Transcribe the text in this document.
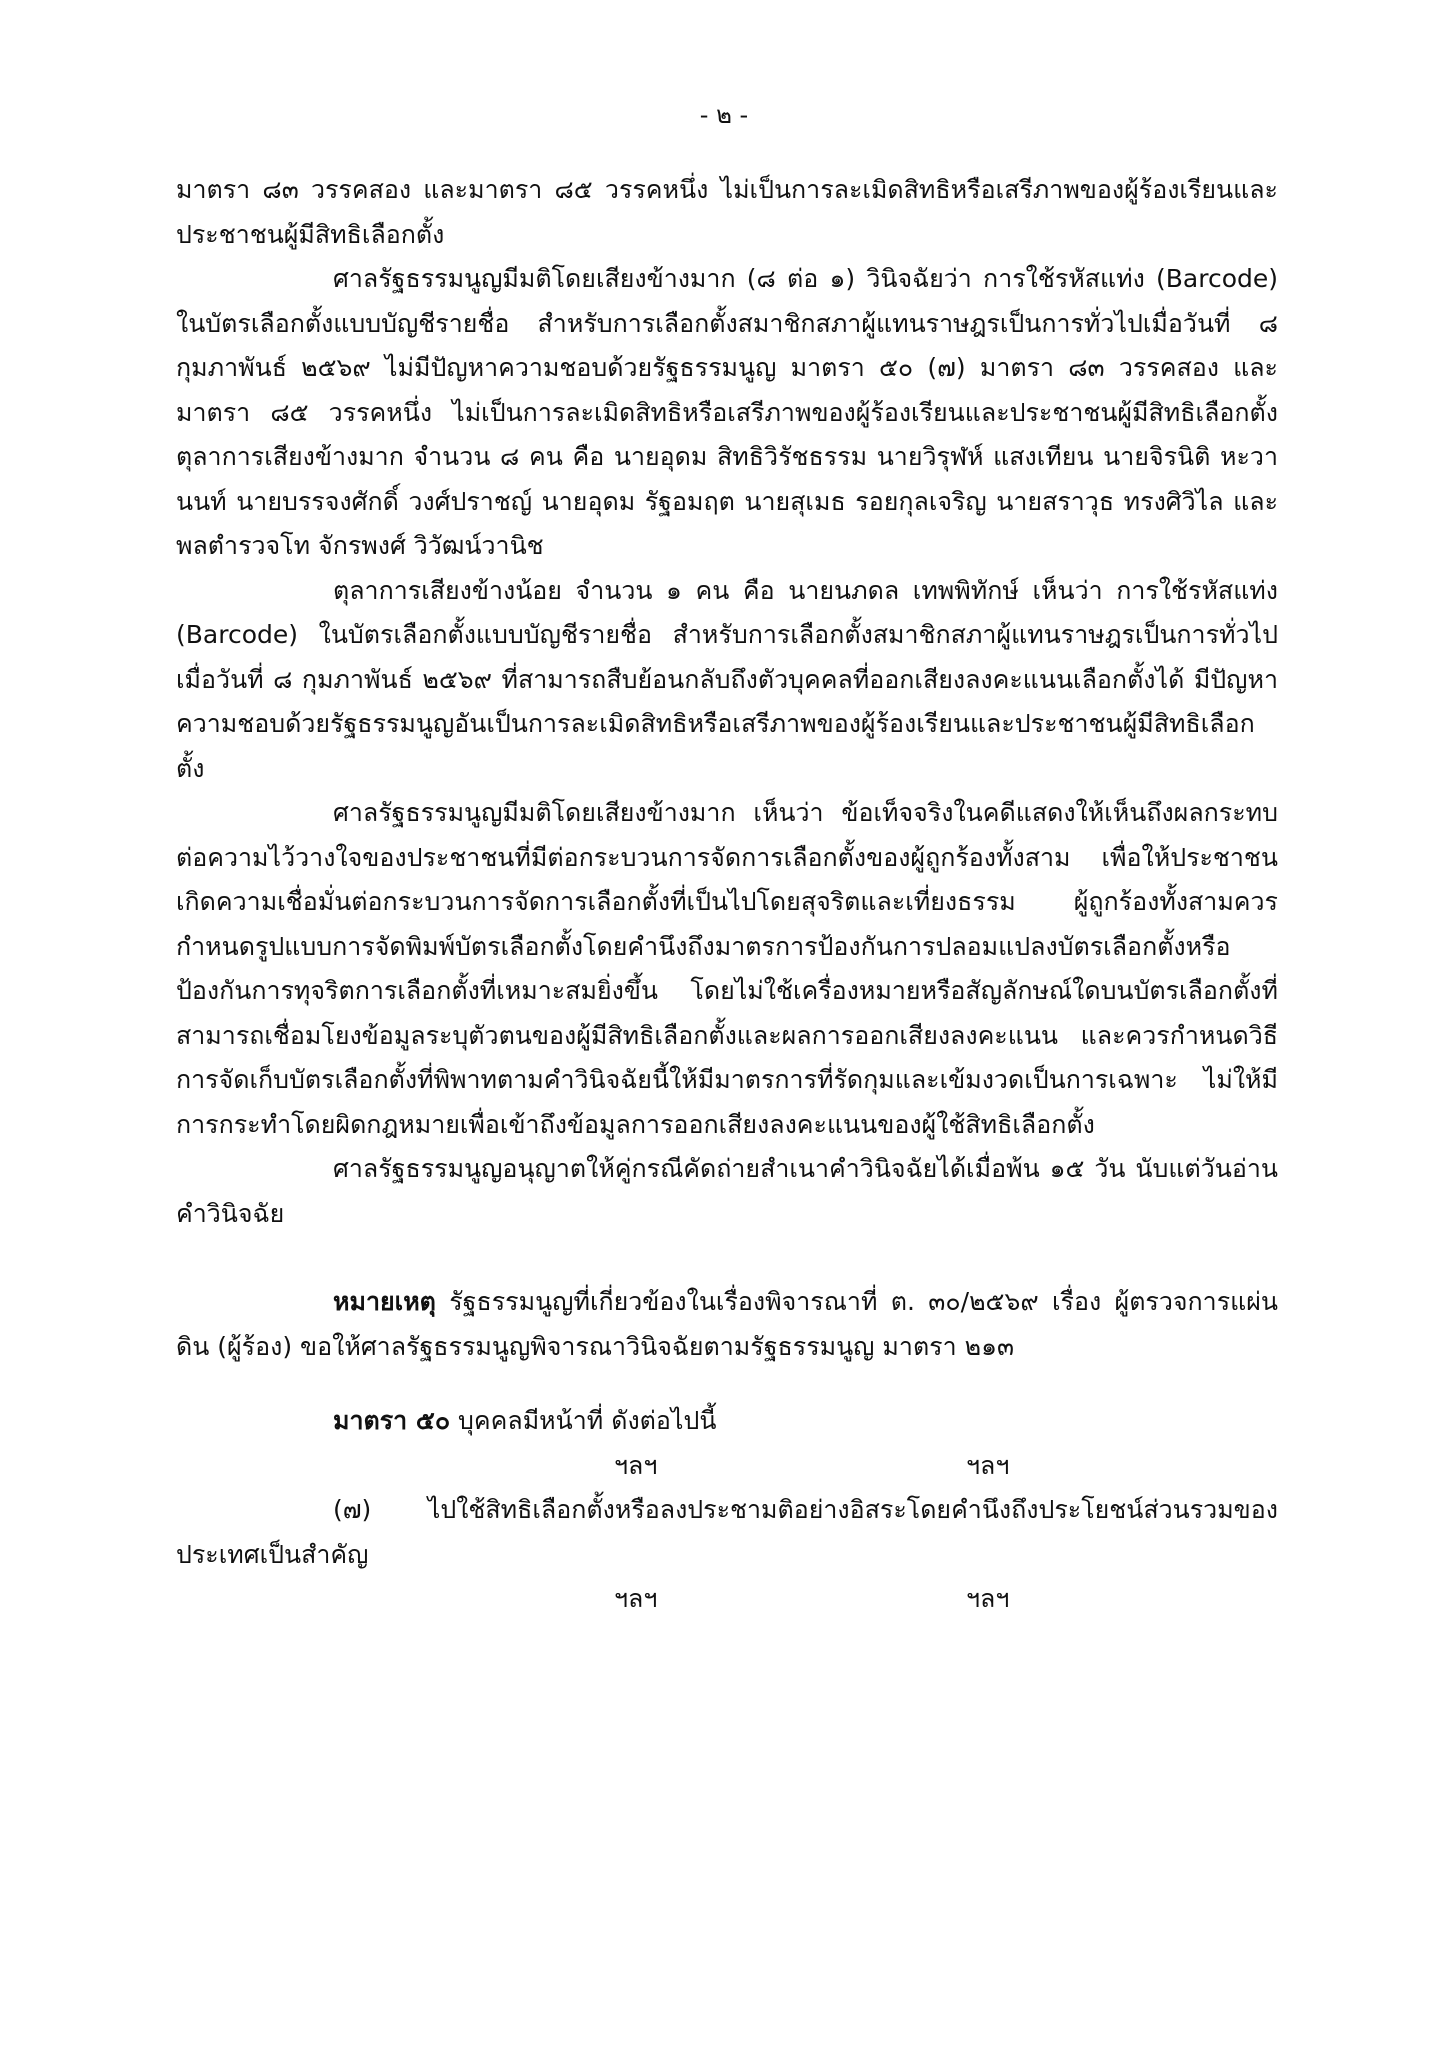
- ๒ -

มาตรา ๘๓ วรรคสอง และมาตรา ๘๕ วรรคหนึ่ง ไม่เป็นการละเมิดสิทธิหรือเสรีภาพของผู้ร้องเรียนและประชาชนผู้มีสิทธิเลือกตั้ง

ศาลรัฐธรรมนูญมีมติโดยเสียงข้างมาก (๘ ต่อ ๑) วินิจฉัยว่า การใช้รหัสแท่ง (Barcode) ในบัตรเลือกตั้งแบบบัญชีรายชื่อ สำหรับการเลือกตั้งสมาชิกสภาผู้แทนราษฎรเป็นการทั่วไปเมื่อวันที่ ๘ กุมภาพันธ์ ๒๕๖๙ ไม่มีปัญหาความชอบด้วยรัฐธรรมนูญ มาตรา ๕๐ (๗) มาตรา ๘๓ วรรคสอง และมาตรา ๘๕ วรรคหนึ่ง ไม่เป็นการละเมิดสิทธิหรือเสรีภาพของผู้ร้องเรียนและประชาชนผู้มีสิทธิเลือกตั้ง ตุลาการเสียงข้างมาก จำนวน ๘ คน คือ นายอุดม สิทธิวิรัชธรรม นายวิรุฬห์ แสงเทียน นายจิรนิติ หะวานนท์ นายบรรจงศักดิ์ วงศ์ปราชญ์ นายอุดม รัฐอมฤต นายสุเมธ รอยกุลเจริญ นายสราวุธ ทรงศิวิไล และพลตำรวจโท จักรพงศ์ วิวัฒน์วานิช

ตุลาการเสียงข้างน้อย จำนวน ๑ คน คือ นายนภดล เทพพิทักษ์ เห็นว่า การใช้รหัสแท่ง (Barcode) ในบัตรเลือกตั้งแบบบัญชีรายชื่อ สำหรับการเลือกตั้งสมาชิกสภาผู้แทนราษฎรเป็นการทั่วไปเมื่อวันที่ ๘ กุมภาพันธ์ ๒๕๖๙ ที่สามารถสืบย้อนกลับถึงตัวบุคคลที่ออกเสียงลงคะแนนเลือกตั้งได้ มีปัญหาความชอบด้วยรัฐธรรมนูญอันเป็นการละเมิดสิทธิหรือเสรีภาพของผู้ร้องเรียนและประชาชนผู้มีสิทธิเลือกตั้ง

ศาลรัฐธรรมนูญมีมติโดยเสียงข้างมาก เห็นว่า ข้อเท็จจริงในคดีแสดงให้เห็นถึงผลกระทบต่อความไว้วางใจของประชาชนที่มีต่อกระบวนการจัดการเลือกตั้งของผู้ถูกร้องทั้งสาม เพื่อให้ประชาชนเกิดความเชื่อมั่นต่อกระบวนการจัดการเลือกตั้งที่เป็นไปโดยสุจริตและเที่ยงธรรม ผู้ถูกร้องทั้งสามควรกำหนดรูปแบบการจัดพิมพ์บัตรเลือกตั้งโดยคำนึงถึงมาตรการป้องกันการปลอมแปลงบัตรเลือกตั้งหรือป้องกันการทุจริตการเลือกตั้งที่เหมาะสมยิ่งขึ้น โดยไม่ใช้เครื่องหมายหรือสัญลักษณ์ใดบนบัตรเลือกตั้งที่สามารถเชื่อมโยงข้อมูลระบุตัวตนของผู้มีสิทธิเลือกตั้งและผลการออกเสียงลงคะแนน และควรกำหนดวิธีการจัดเก็บบัตรเลือกตั้งที่พิพาทตามคำวินิจฉัยนี้ให้มีมาตรการที่รัดกุมและเข้มงวดเป็นการเฉพาะ ไม่ให้มีการกระทำโดยผิดกฎหมายเพื่อเข้าถึงข้อมูลการออกเสียงลงคะแนนของผู้ใช้สิทธิเลือกตั้ง

ศาลรัฐธรรมนูญอนุญาตให้คู่กรณีคัดถ่ายสำเนาคำวินิจฉัยได้เมื่อพ้น ๑๕ วัน นับแต่วันอ่านคำวินิจฉัย

หมายเหตุ รัฐธรรมนูญที่เกี่ยวข้องในเรื่องพิจารณาที่ ต. ๓๐/๒๕๖๙ เรื่อง ผู้ตรวจการแผ่นดิน (ผู้ร้อง) ขอให้ศาลรัฐธรรมนูญพิจารณาวินิจฉัยตามรัฐธรรมนูญ มาตรา ๒๑๓

มาตรา ๕๐ บุคคลมีหน้าที่ ดังต่อไปนี้

ฯลฯ	ฯลฯ

(๗) ไปใช้สิทธิเลือกตั้งหรือลงประชามติอย่างอิสระโดยคำนึงถึงประโยชน์ส่วนรวมของประเทศเป็นสำคัญ

ฯลฯ	ฯลฯ
